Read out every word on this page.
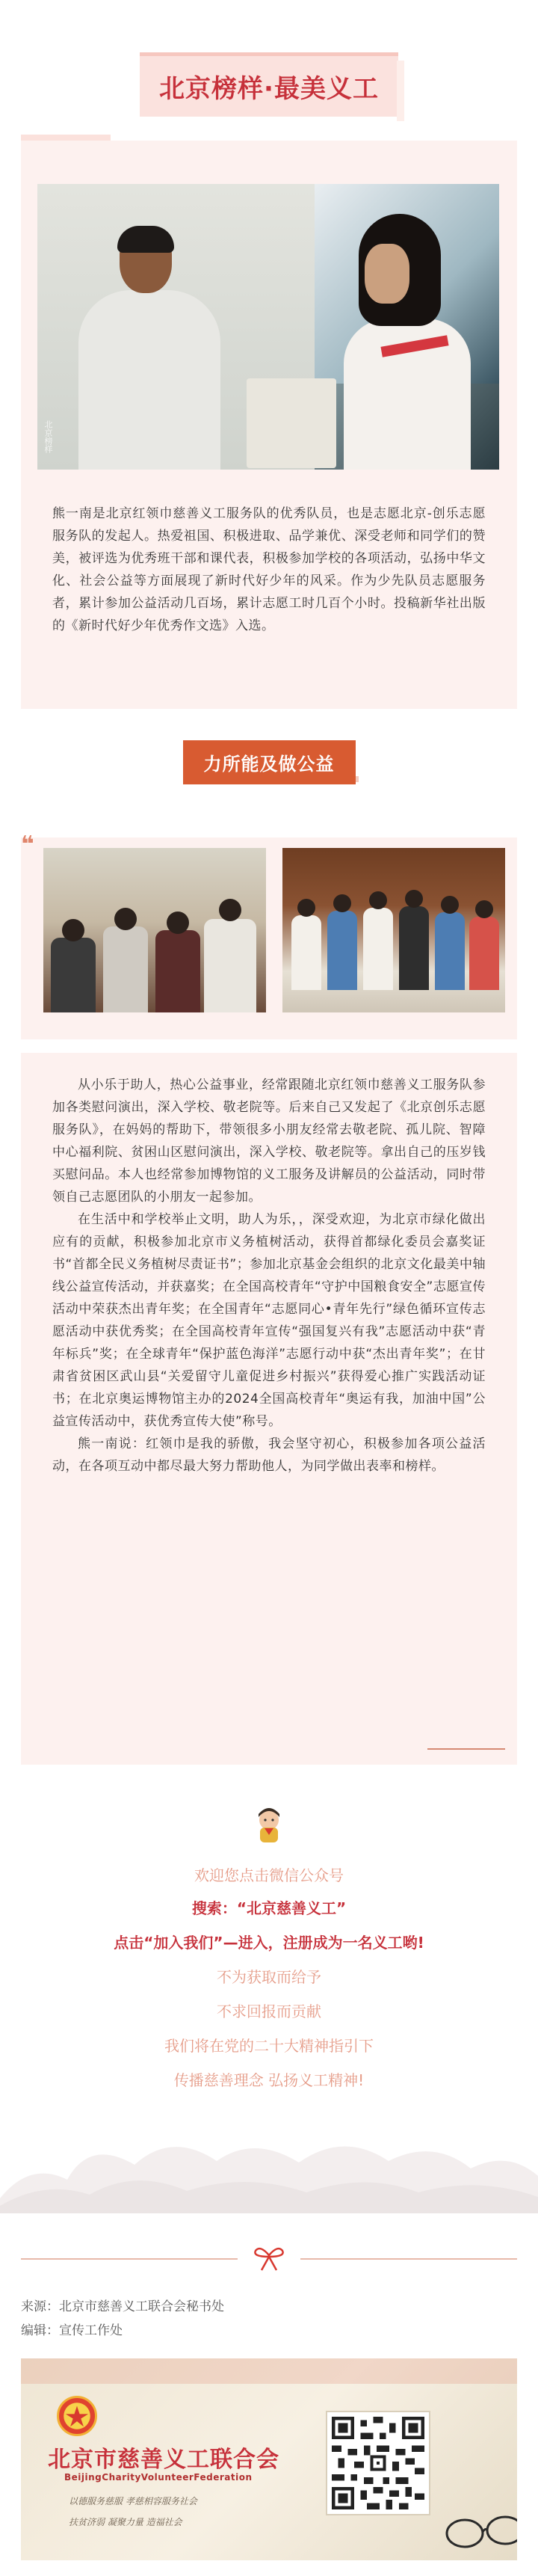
北京榜样·最美义工
北京榜样

熊一南是北京红领巾慈善义工服务队的优秀队员，也是志愿北京-创乐志愿服务队的发起人。热爱祖国、积极进取、品学兼优、深受老师和同学们的赞美，被评选为优秀班干部和课代表，积极参加学校的各项活动，弘扬中华文化、社会公益等方面展现了新时代好少年的风采。作为少先队员志愿服务者，累计参加公益活动几百场，累计志愿工时几百个小时。投稿新华社出版的《新时代好少年优秀作文选》入选。

力所能及做公益
❝

从小乐于助人，热心公益事业，经常跟随北京红领巾慈善义工服务队参加各类慰问演出，深入学校、敬老院等。后来自己又发起了《北京创乐志愿服务队》，在妈妈的帮助下，带领很多小朋友经常去敬老院、孤儿院、智障中心福利院、贫困山区慰问演出，深入学校、敬老院等。拿出自己的压岁钱买慰问品。本人也经常参加博物馆的义工服务及讲解员的公益活动，同时带领自己志愿团队的小朋友一起参加。

在生活中和学校举止文明，助人为乐，，深受欢迎，为北京市绿化做出应有的贡献，积极参加北京市义务植树活动，获得首都绿化委员会嘉奖证书“首都全民义务植树尽责证书”；参加北京基金会组织的北京文化最美中轴线公益宣传活动，并获嘉奖；在全国高校青年“守护中国粮食安全”志愿宣传活动中荣获杰出青年奖；在全国青年“志愿同心•青年先行”绿色循环宣传志愿活动中获优秀奖；在全国高校青年宣传“强国复兴有我”志愿活动中获“青年标兵”奖；在全球青年“保护蓝色海洋”志愿行动中获“杰出青年奖”；在甘肃省贫困区武山县“关爱留守儿童促进乡村振兴”获得爱心推广实践活动证书；在北京奥运博物馆主办的2024全国高校青年“奥运有我，加油中国”公益宣传活动中，获优秀宣传大使”称号。

熊一南说：红领巾是我的骄傲，我会坚守初心，积极参加各项公益活动，在各项互动中都尽最大努力帮助他人，为同学做出表率和榜样。

欢迎您点击微信公众号
搜索：“北京慈善义工”
点击“加入我们”—进入，注册成为一名义工哟!
不为获取而给予
不求回报而贡献
我们将在党的二十大精神指引下
传播慈善理念 弘扬义工精神!
来源：北京市慈善义工联合会秘书处
编辑：宣传工作处
北京市慈善义工联合会
BeijingCharityVolunteerFederation
以德服务慈服 孝慈相容服务社会
扶贫济弱 凝聚力量 造福社会
